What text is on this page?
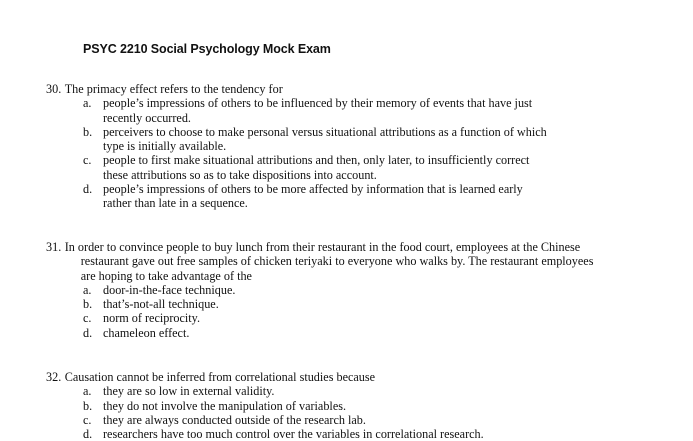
PSYC 2210 Social Psychology Mock Exam
30. The primacy effect refers to the tendency for
a. people’s impressions of others to be influenced by their memory of events that have just
recently occurred.
b. perceivers to choose to make personal versus situational attributions as a function of which
type is initially available.
c. people to first make situational attributions and then, only later, to insufficiently correct
these attributions so as to take dispositions into account.
d. people’s impressions of others to be more affected by information that is learned early
rather than late in a sequence.
31. In order to convince people to buy lunch from their restaurant in the food court, employees at the Chinese
restaurant gave out free samples of chicken teriyaki to everyone who walks by. The restaurant employees
are hoping to take advantage of the
a. door-in-the-face technique.
b. that’s-not-all technique.
c. norm of reciprocity.
d. chameleon effect.
32. Causation cannot be inferred from correlational studies because
a. they are so low in external validity.
b. they do not involve the manipulation of variables.
c. they are always conducted outside of the research lab.
d. researchers have too much control over the variables in correlational research.
